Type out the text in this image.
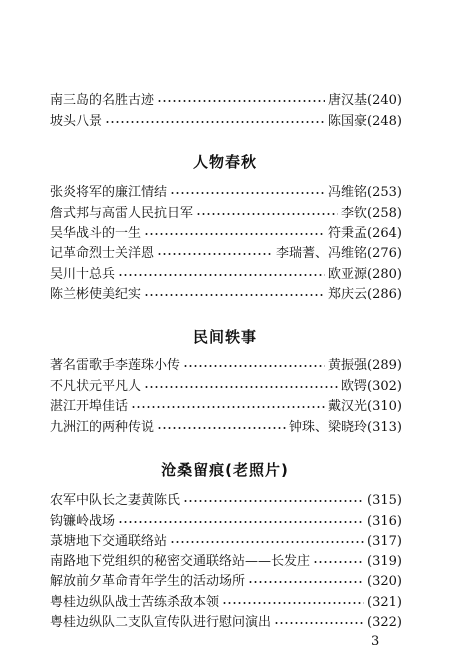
南三岛的名胜古迹	唐汉基(240)
坡头八景	陈国豪(248)
人物春秋
张炎将军的廉江情结	冯维铭(253)
詹式邦与高雷人民抗日军	李钦(258)
吴华战斗的一生	符秉孟(264)
记革命烈士关洋恩	李瑞蓍、冯维铭(276)
吴川十总兵	欧亚源(280)
陈兰彬使美纪实	郑庆云(286)
民间轶事
著名雷歌手李莲珠小传	黄振强(289)
不凡状元平凡人	欧锷(302)
湛江开埠佳话	戴汉光(310)
九洲江的两种传说	钟珠、梁晓玲(313)
沧桑留痕(老照片)
农军中队长之妻黄陈氏	(315)
钩镰岭战场	(316)
菉塘地下交通联络站	(317)
南路地下党组织的秘密交通联络站——长发庄	(319)
解放前夕革命青年学生的活动场所	(320)
粤桂边纵队战士苦练杀敌本领	(321)
粤桂边纵队二支队宣传队进行慰问演出	(322)
3
